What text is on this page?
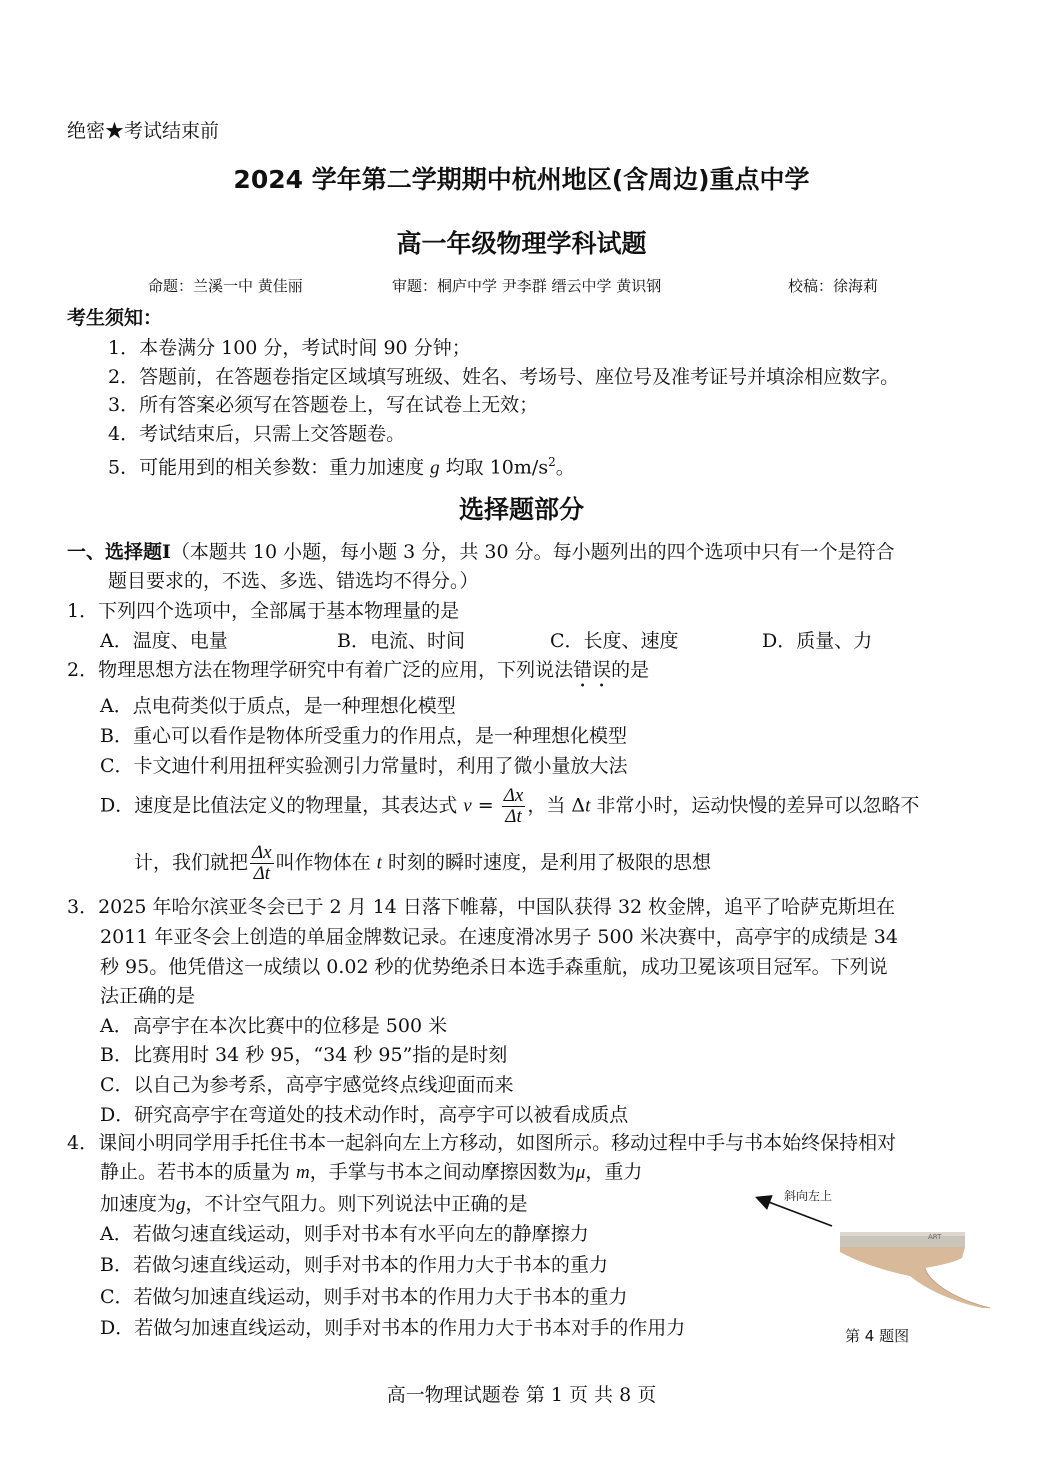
绝密★考试结束前
2024 学年第二学期期中杭州地区(含周边)重点中学
高一年级物理学科试题
命题：兰溪一中 黄佳丽	审题：桐庐中学 尹李群 缙云中学 黄识钢	校稿：徐海莉
考生须知：
1．本卷满分 100 分，考试时间 90 分钟；
2．答题前，在答题卷指定区域填写班级、姓名、考场号、座位号及准考证号并填涂相应数字。
3．所有答案必须写在答题卷上，写在试卷上无效；
4．考试结束后，只需上交答题卷。
5．可能用到的相关参数：重力加速度 g 均取 $10m/s^2$。
选择题部分
一、选择题Ⅰ（本题共 10 小题，每小题 3 分，共 30 分。每小题列出的四个选项中只有一个是符合
题目要求的，不选、多选、错选均不得分。）
1．下列四个选项中，全部属于基本物理量的是
A．温度、电量	B．电流、时间	C．长度、速度	D．质量、力
2．物理思想方法在物理学研究中有着广泛的应用，下列说法错误的是
A．点电荷类似于质点，是一种理想化模型
B．重心可以看作是物体所受重力的作用点，是一种理想化模型
C．卡文迪什利用扭秤实验测引力常量时，利用了微小量放大法
D．速度是比值法定义的物理量，其表达式 $v = \frac{\Delta x}{\Delta t}$ ，当 Δt 非常小时，运动快慢的差异可以忽略不
计，我们就把 $\frac{\Delta x}{\Delta t}$ 叫作物体在 t 时刻的瞬时速度，是利用了极限的思想
3．2025 年哈尔滨亚冬会已于 2 月 14 日落下帷幕，中国队获得 32 枚金牌，追平了哈萨克斯坦在
2011 年亚冬会上创造的单届金牌数记录。在速度滑冰男子 500 米决赛中，高亭宇的成绩是 34
秒 95。他凭借这一成绩以 0.02 秒的优势绝杀日本选手森重航，成功卫冕该项目冠军。下列说
法正确的是
A．高亭宇在本次比赛中的位移是 500 米
B．比赛用时 34 秒 95，“34 秒 95”指的是时刻
C．以自己为参考系，高亭宇感觉终点线迎面而来
D．研究高亭宇在弯道处的技术动作时，高亭宇可以被看成质点
4．课间小明同学用手托住书本一起斜向左上方移动，如图所示。移动过程中手与书本始终保持相对
静止。若书本的质量为 m，手掌与书本之间动摩擦因数为μ，重力
加速度为g，不计空气阻力。则下列说法中正确的是
A．若做匀速直线运动，则手对书本有水平向左的静摩擦力
B．若做匀速直线运动，则手对书本的作用力大于书本的重力
C．若做匀加速直线运动，则手对书本的作用力大于书本的重力
D．若做匀加速直线运动，则手对书本的作用力大于书本对手的作用力
斜向左上
ART
第 4 题图
高一物理试题卷 第 1 页 共 8 页
